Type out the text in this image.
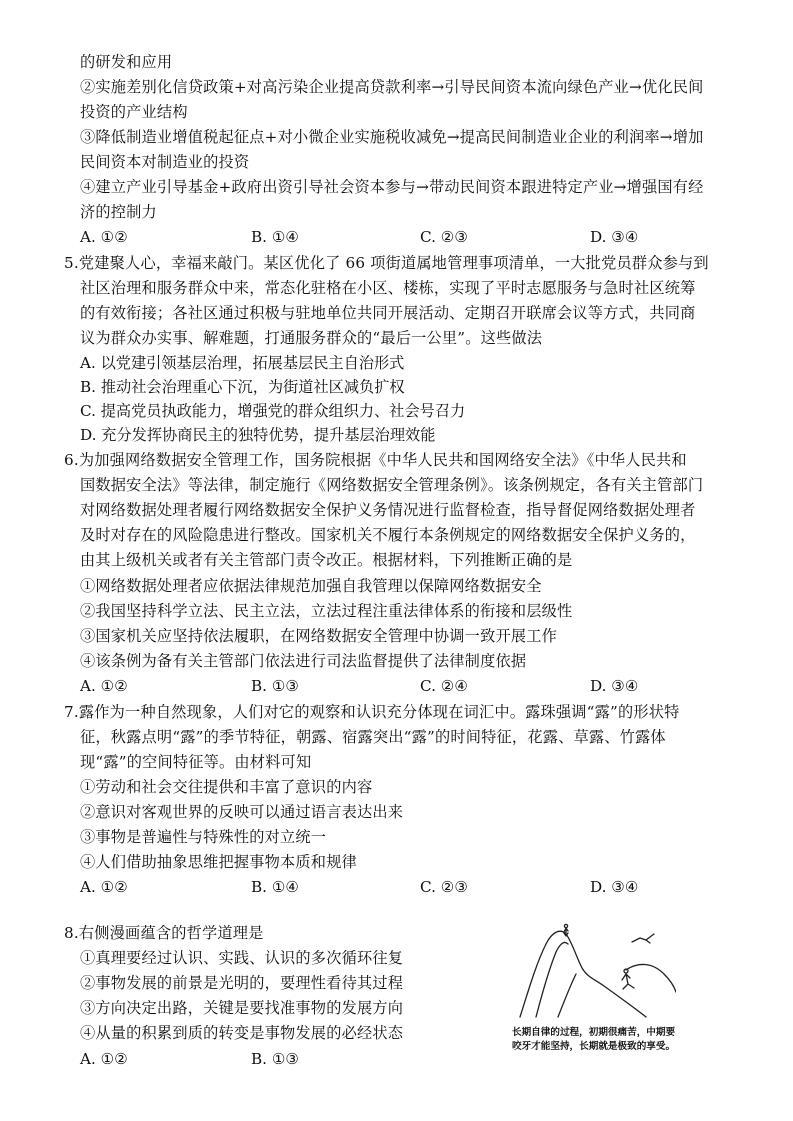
的研发和应用
②实施差别化信贷政策+对高污染企业提高贷款利率→引导民间资本流向绿色产业→优化民间
投资的产业结构
③降低制造业增值税起征点+对小微企业实施税收减免→提高民间制造业企业的利润率→增加
民间资本对制造业的投资
④建立产业引导基金+政府出资引导社会资本参与→带动民间资本跟进特定产业→增强国有经
济的控制力
A. ①②	B. ①④	C. ②③	D. ③④
5.党建聚人心，幸福来敲门。某区优化了 66 项街道属地管理事项清单，一大批党员群众参与到
社区治理和服务群众中来，常态化驻格在小区、楼栋，实现了平时志愿服务与急时社区统筹
的有效衔接；各社区通过积极与驻地单位共同开展活动、定期召开联席会议等方式，共同商
议为群众办实事、解难题，打通服务群众的“最后一公里”。这些做法
A. 以党建引领基层治理，拓展基层民主自治形式
B. 推动社会治理重心下沉，为街道社区减负扩权
C. 提高党员执政能力，增强党的群众组织力、社会号召力
D. 充分发挥协商民主的独特优势，提升基层治理效能
6.为加强网络数据安全管理工作，国务院根据《中华人民共和国网络安全法》《中华人民共和
国数据安全法》等法律，制定施行《网络数据安全管理条例》。该条例规定，各有关主管部门
对网络数据处理者履行网络数据安全保护义务情况进行监督检查，指导督促网络数据处理者
及时对存在的风险隐患进行整改。国家机关不履行本条例规定的网络数据安全保护义务的，
由其上级机关或者有关主管部门责令改正。根据材料，下列推断正确的是
①网络数据处理者应依据法律规范加强自我管理以保障网络数据安全
②我国坚持科学立法、民主立法，立法过程注重法律体系的衔接和层级性
③国家机关应坚持依法履职，在网络数据安全管理中协调一致开展工作
④该条例为备有关主管部门依法进行司法监督提供了法律制度依据
A. ①②	B. ①③	C. ②④	D. ③④
7.露作为一种自然现象，人们对它的观察和认识充分体现在词汇中。露珠强调“露”的形状特
征，秋露点明“露”的季节特征，朝露、宿露突出“露”的时间特征，花露、草露、竹露体
现“露”的空间特征等。由材料可知
①劳动和社会交往提供和丰富了意识的内容
②意识对客观世界的反映可以通过语言表达出来
③事物是普遍性与特殊性的对立统一
④人们借助抽象思维把握事物本质和规律
A. ①②	B. ①④	C. ②③	D. ③④
8.右侧漫画蕴含的哲学道理是
①真理要经过认识、实践、认识的多次循环往复
②事物发展的前景是光明的，要理性看待其过程
③方向决定出路，关键是要找准事物的发展方向
④从量的积累到质的转变是事物发展的必经状态
A. ①②	B. ①③
长期自律的过程，初期很痛苦，中期要
咬牙才能坚持，长期就是极致的享受。
